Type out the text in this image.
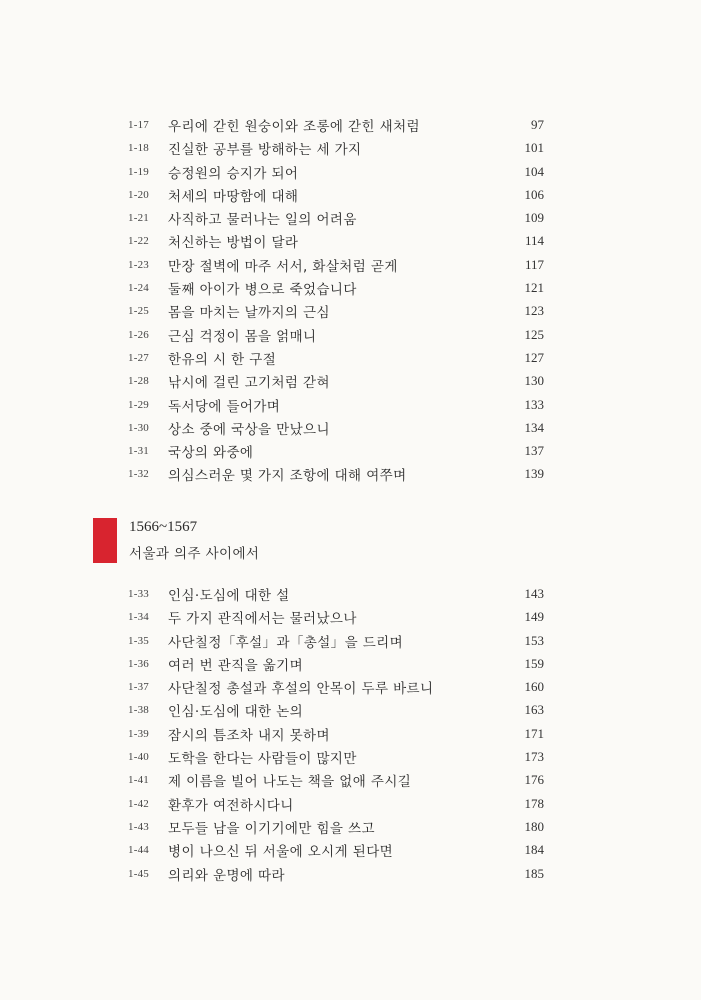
1-17 우리에 갇힌 원숭이와 조롱에 갇힌 새처럼	97
1-18 진실한 공부를 방해하는 세 가지	101
1-19 승정원의 승지가 되어	104
1-20 처세의 마땅함에 대해	106
1-21 사직하고 물러나는 일의 어려움	109
1-22 처신하는 방법이 달라	114
1-23 만장 절벽에 마주 서서, 화살처럼 곧게	117
1-24 둘째 아이가 병으로 죽었습니다	121
1-25 몸을 마치는 날까지의 근심	123
1-26 근심 걱정이 몸을 얽매니	125
1-27 한유의 시 한 구절	127
1-28 낚시에 걸린 고기처럼 갇혀	130
1-29 독서당에 들어가며	133
1-30 상소 중에 국상을 만났으니	134
1-31 국상의 와중에	137
1-32 의심스러운 몇 가지 조항에 대해 여쭈며	139
1566~1567
서울과 의주 사이에서
1-33 인심·도심에 대한 설	143
1-34 두 가지 관직에서는 물러났으나	149
1-35 사단칠정「후설」과「총설」을 드리며	153
1-36 여러 번 관직을 옮기며	159
1-37 사단칠정 총설과 후설의 안목이 두루 바르니	160
1-38 인심·도심에 대한 논의	163
1-39 잠시의 틈조차 내지 못하며	171
1-40 도학을 한다는 사람들이 많지만	173
1-41 제 이름을 빌어 나도는 책을 없애 주시길	176
1-42 환후가 여전하시다니	178
1-43 모두들 남을 이기기에만 힘을 쓰고	180
1-44 병이 나으신 뒤 서울에 오시게 된다면	184
1-45 의리와 운명에 따라	185
